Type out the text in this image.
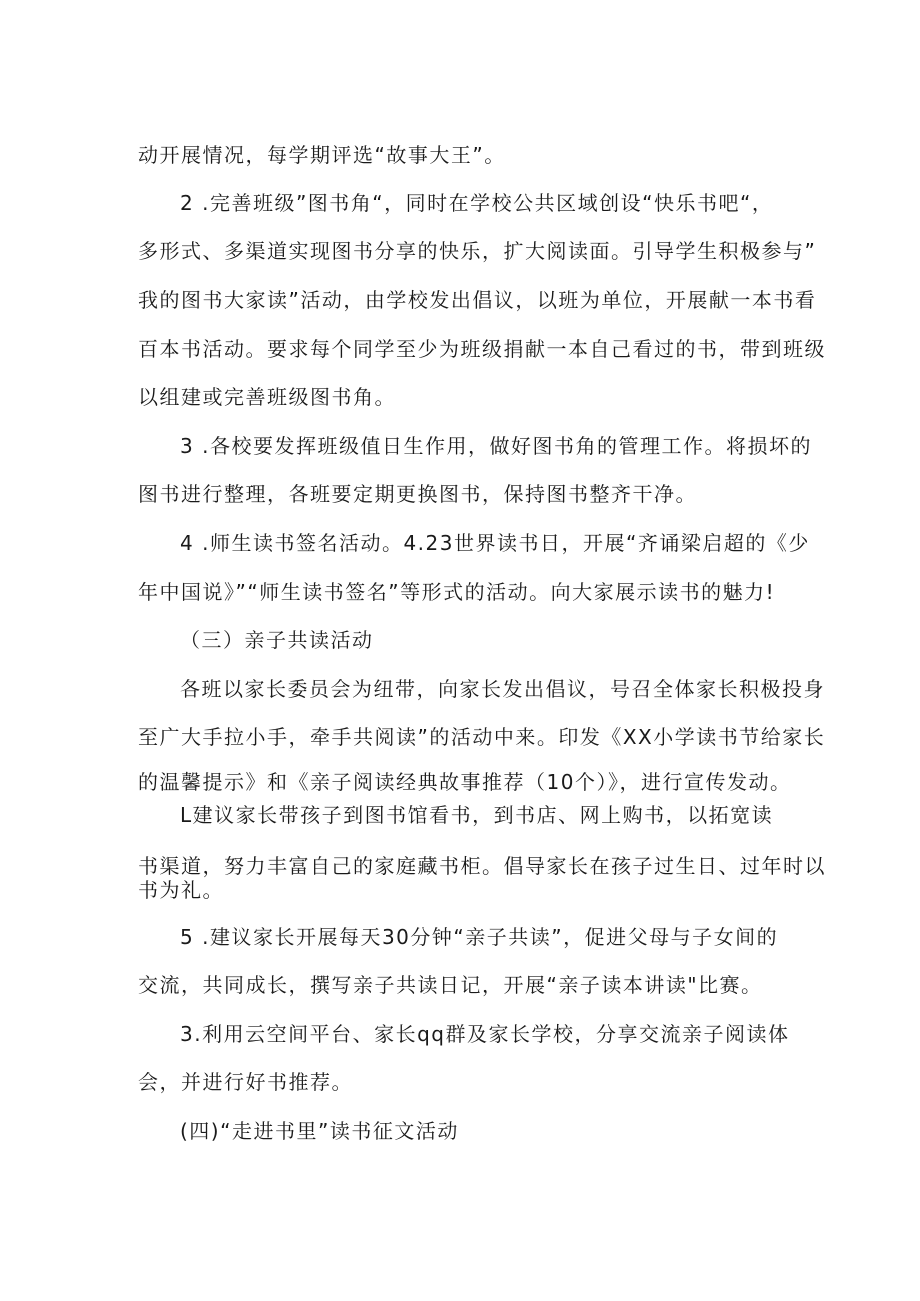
动开展情况，每学期评选“故事大王”。
2 .完善班级”图书角“，同时在学校公共区域创设“快乐书吧“，
多形式、多渠道实现图书分享的快乐，扩大阅读面。引导学生积极参与”
我的图书大家读”活动，由学校发出倡议，以班为单位，开展献一本书看
百本书活动。要求每个同学至少为班级捐献一本自己看过的书，带到班级
以组建或完善班级图书角。
3 .各校要发挥班级值日生作用，做好图书角的管理工作。将损坏的
图书进行整理，各班要定期更换图书，保持图书整齐干净。
4 .师生读书签名活动。4.23世界读书日，开展“齐诵梁启超的《少
年中国说》”“师生读书签名”等形式的活动。向大家展示读书的魅力!
（三）亲子共读活动
各班以家长委员会为纽带，向家长发出倡议，号召全体家长积极投身
至广大手拉小手，牵手共阅读”的活动中来。印发《XX小学读书节给家长
的温馨提示》和《亲子阅读经典故事推荐（10个）》，进行宣传发动。
L建议家长带孩子到图书馆看书，到书店、网上购书，以拓宽读
书渠道，努力丰富自己的家庭藏书柜。倡导家长在孩子过生日、过年时以
书为礼。
5 .建议家长开展每天30分钟“亲子共读”，促进父母与子女间的
交流，共同成长，撰写亲子共读日记，开展“亲子读本讲读"比赛。
3.利用云空间平台、家长qq群及家长学校，分享交流亲子阅读体
会，并进行好书推荐。
(四)“走进书里”读书征文活动
